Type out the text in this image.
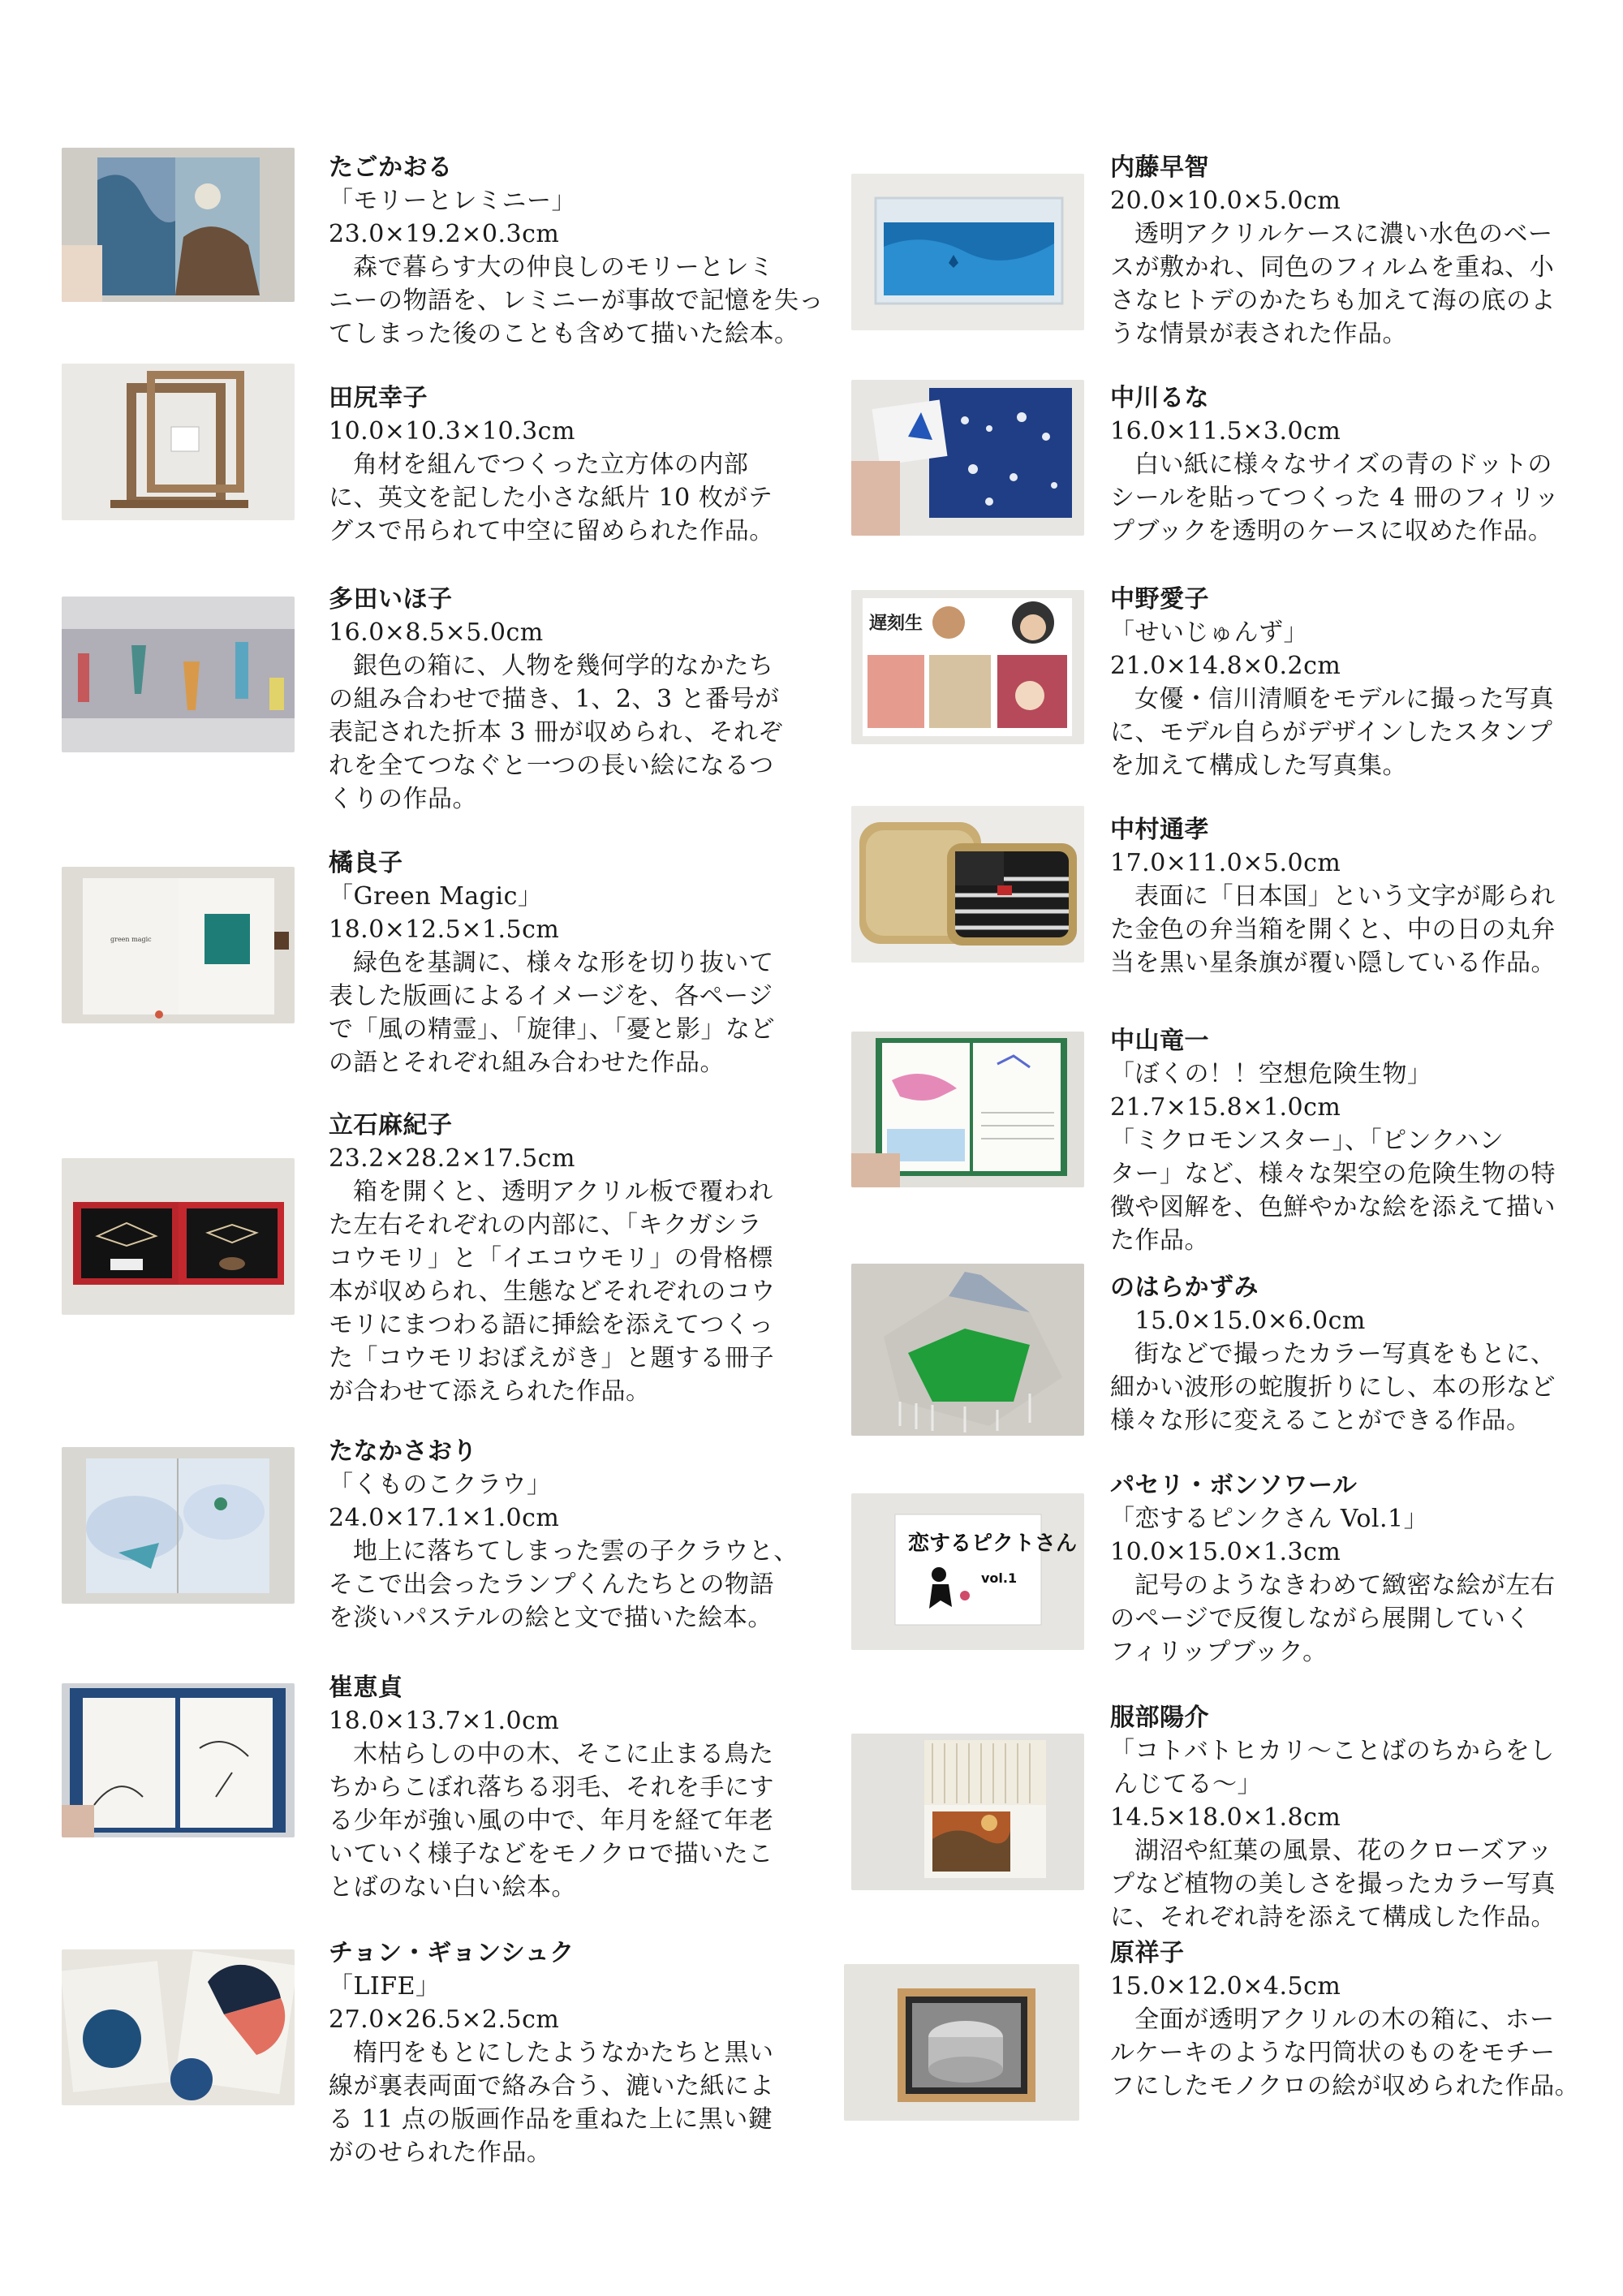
たごかおる
「モリーとレミニー」
23.0×19.2×0.3cm
森で暮らす大の仲良しのモリーとレミ
ニーの物語を、レミニーが事故で記憶を失っ
てしまった後のことも含めて描いた絵本。
田尻幸子
10.0×10.3×10.3cm
角材を組んでつくった立方体の内部
に、英文を記した小さな紙片 10 枚がテ
グスで吊られて中空に留められた作品。
多田いほ子
16.0×8.5×5.0cm
銀色の箱に、人物を幾何学的なかたち
の組み合わせで描き、1、2、3 と番号が
表記された折本 3 冊が収められ、それぞ
れを全てつなぐと一つの長い絵になるつ
くりの作品。
green magic
橘良子
「Green Magic」
18.0×12.5×1.5cm
緑色を基調に、様々な形を切り抜いて
表した版画によるイメージを、各ページ
で「風の精霊」、「旋律」、「憂と影」など
の語とそれぞれ組み合わせた作品。
立石麻紀子
23.2×28.2×17.5cm
箱を開くと、透明アクリル板で覆われ
た左右それぞれの内部に、「キクガシラ
コウモリ」と「イエコウモリ」の骨格標
本が収められ、生態などそれぞれのコウ
モリにまつわる語に挿絵を添えてつくっ
た「コウモリおぼえがき」と題する冊子
が合わせて添えられた作品。
たなかさおり
「くものこクラウ」
24.0×17.1×1.0cm
地上に落ちてしまった雲の子クラウと、
そこで出会ったランプくんたちとの物語
を淡いパステルの絵と文で描いた絵本。
崔恵貞
18.0×13.7×1.0cm
木枯らしの中の木、そこに止まる鳥た
ちからこぼれ落ちる羽毛、それを手にす
る少年が強い風の中で、年月を経て年老
いていく様子などをモノクロで描いたこ
とばのない白い絵本。
チョン・ギョンシュク
「LIFE」
27.0×26.5×2.5cm
楕円をもとにしたようなかたちと黒い
線が裏表両面で絡み合う、漉いた紙によ
る 11 点の版画作品を重ねた上に黒い鍵
がのせられた作品。
内藤早智
20.0×10.0×5.0cm
透明アクリルケースに濃い水色のベー
スが敷かれ、同色のフィルムを重ね、小
さなヒトデのかたちも加えて海の底のよ
うな情景が表された作品。
中川るな
16.0×11.5×3.0cm
白い紙に様々なサイズの青のドットの
シールを貼ってつくった 4 冊のフィリッ
プブックを透明のケースに収めた作品。
遅刻生
中野愛子
「せいじゅんず」
21.0×14.8×0.2cm
女優・信川清順をモデルに撮った写真
に、モデル自らがデザインしたスタンプ
を加えて構成した写真集。
中村通孝
17.0×11.0×5.0cm
表面に「日本国」という文字が彫られ
た金色の弁当箱を開くと、中の日の丸弁
当を黒い星条旗が覆い隠している作品。
中山竜一
「ぼくの！！空想危険生物」
21.7×15.8×1.0cm
「ミクロモンスター」、「ピンクハン
ター」など、様々な架空の危険生物の特
徴や図解を、色鮮やかな絵を添えて描い
た作品。
のはらかずみ
　15.0×15.0×6.0cm
街などで撮ったカラー写真をもとに、
細かい波形の蛇腹折りにし、本の形など
様々な形に変えることができる作品。
恋するピクトさん
vol.1
パセリ・ボンソワール
「恋するピンクさん Vol.1」
10.0×15.0×1.3cm
記号のようなきわめて緻密な絵が左右
のページで反復しながら展開していく
フィリップブック。
服部陽介
「コトバトヒカリ～ことばのちからをし
んじてる～」
14.5×18.0×1.8cm
湖沼や紅葉の風景、花のクローズアッ
プなど植物の美しさを撮ったカラー写真
に、それぞれ詩を添えて構成した作品。
原祥子
15.0×12.0×4.5cm
全面が透明アクリルの木の箱に、ホー
ルケーキのような円筒状のものをモチー
フにしたモノクロの絵が収められた作品。
